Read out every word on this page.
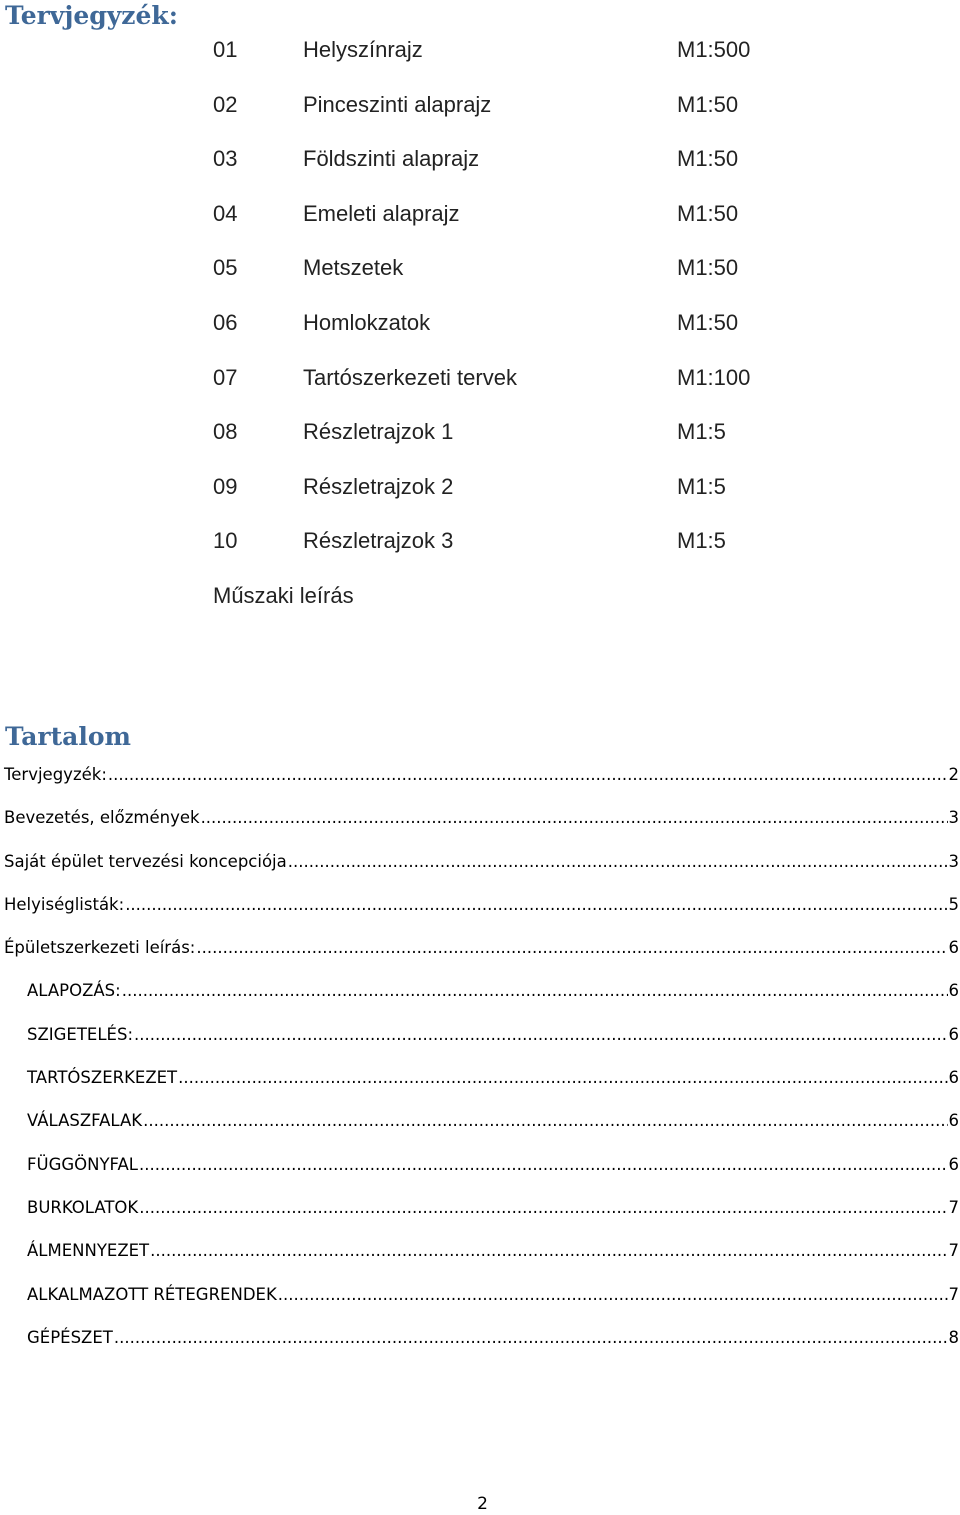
Tervjegyzék:
01	Helyszínrajz	M1:500
02	Pinceszinti alaprajz	M1:50
03	Földszinti alaprajz	M1:50
04	Emeleti alaprajz	M1:50
05	Metszetek	M1:50
06	Homlokzatok	M1:50
07	Tartószerkezeti tervek	M1:100
08	Részletrajzok 1	M1:5
09	Részletrajzok 2	M1:5
10	Részletrajzok 3	M1:5
Műszaki leírás
Tartalom
Tervjegyzék: .....	2
Bevezetés, előzmények .....	3
Saját épület tervezési koncepciója .....	3
Helyiséglisták: .....	5
Épületszerkezeti leírás: .....	6
ALAPOZÁS: .....	6
SZIGETELÉS: .....	6
TARTÓSZERKEZET .....	6
VÁLASZFALAK .....	6
FÜGGÖNYFAL .....	6
BURKOLATOK .....	7
ÁLMENNYEZET .....	7
ALKALMAZOTT RÉTEGRENDEK .....	7
GÉPÉSZET .....	8
2
